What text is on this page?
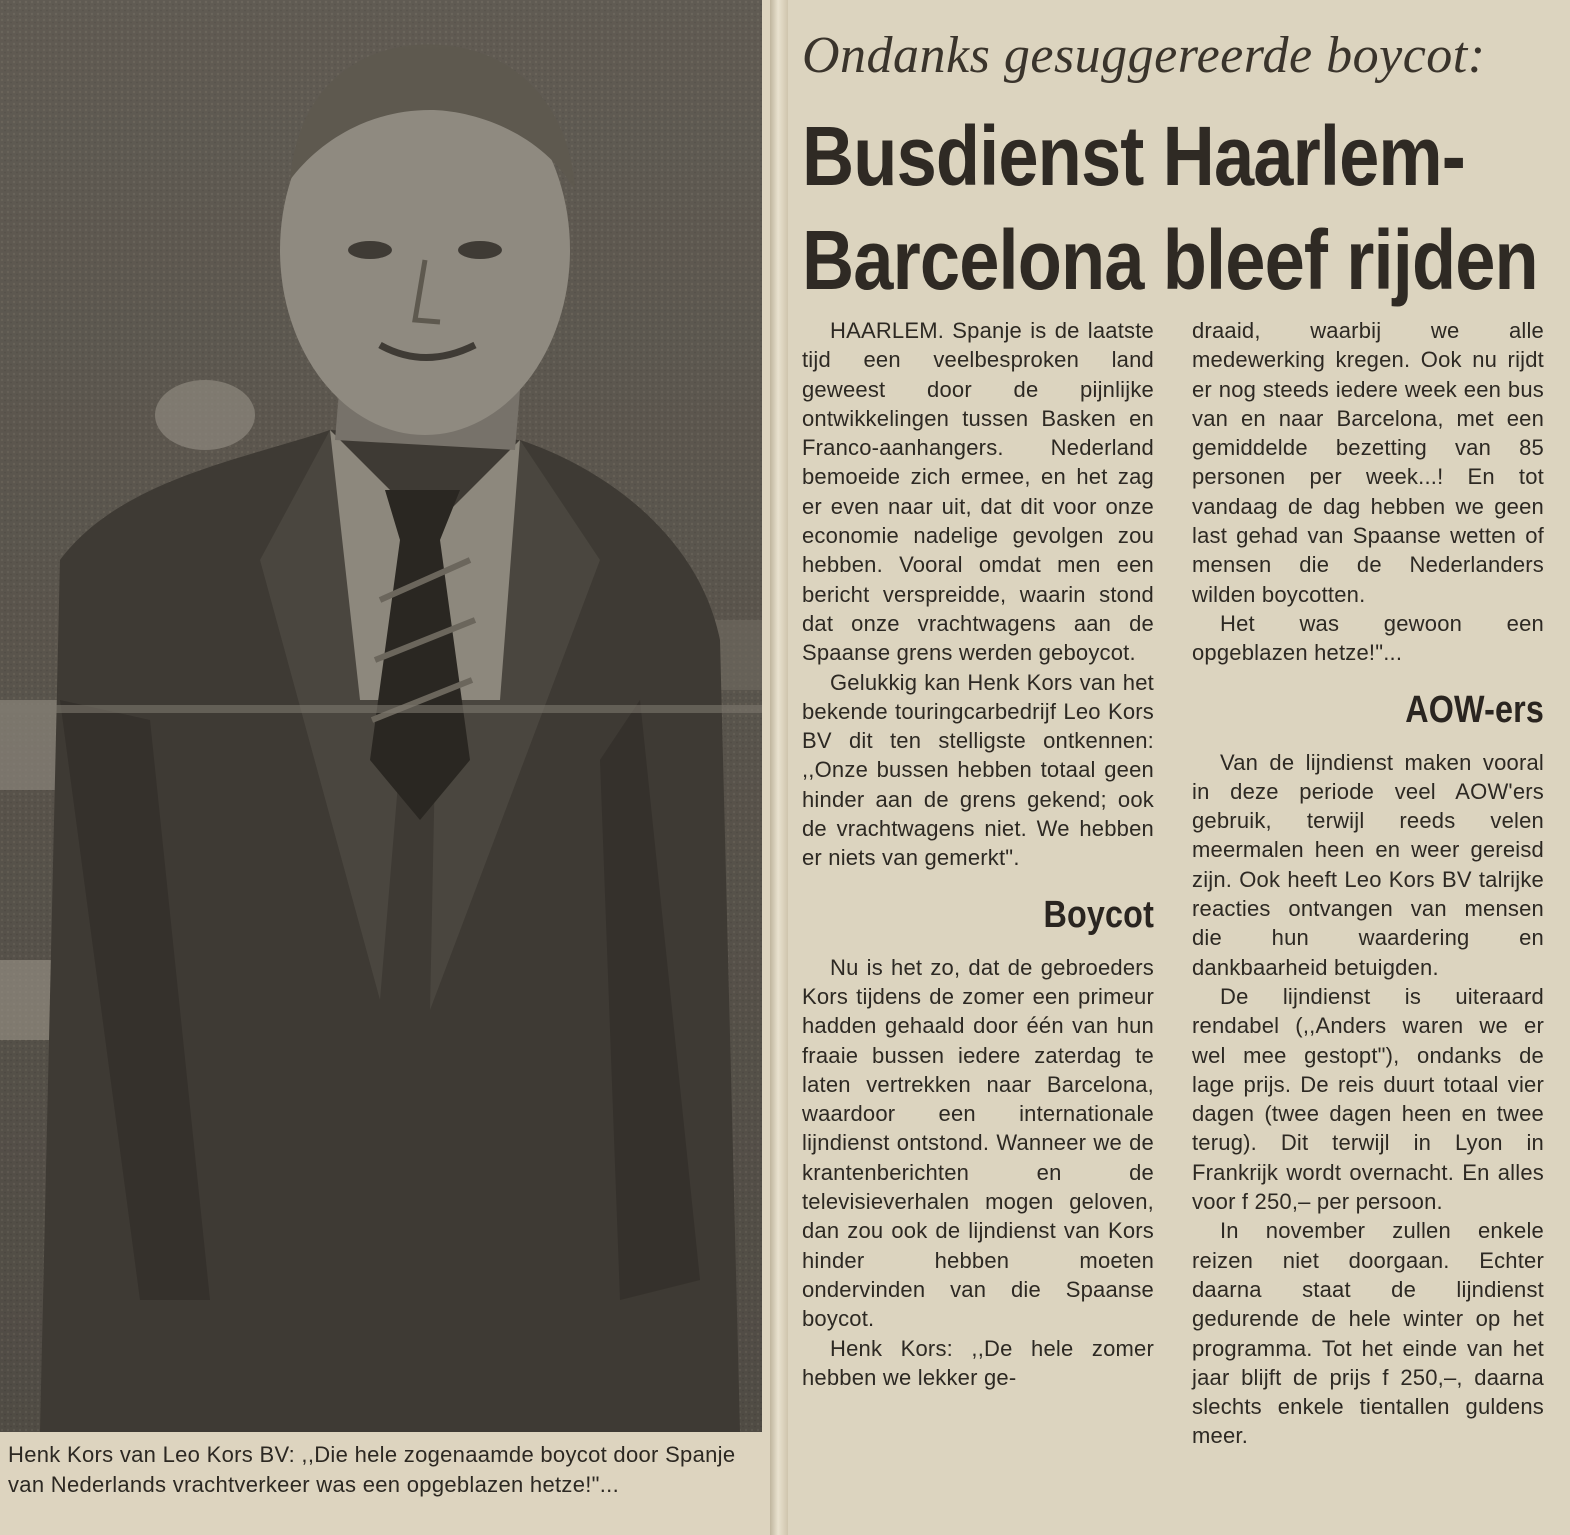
Henk Kors van Leo Kors BV: ,,Die hele zogenaamde boycot door Spanje van Nederlands vrachtverkeer was een opgeblazen hetze!"...
Ondanks gesuggereerde boycot:
Busdienst Haarlem-
Barcelona bleef rijden

HAARLEM. Spanje is de laatste tijd een veelbesproken land geweest door de pijnlijke ontwikkelingen tussen Basken en Franco-aanhangers. Nederland bemoeide zich ermee, en het zag er even naar uit, dat dit voor onze economie nadelige gevolgen zou hebben. Vooral omdat men een bericht verspreidde, waarin stond dat onze vrachtwagens aan de Spaanse grens werden geboycot.

Gelukkig kan Henk Kors van het bekende touringcarbedrijf Leo Kors BV dit ten stelligste ontkennen: ,,Onze bussen hebben totaal geen hinder aan de grens gekend; ook de vrachtwagens niet. We hebben er niets van gemerkt".

Boycot

Nu is het zo, dat de gebroeders Kors tijdens de zomer een primeur hadden gehaald door één van hun fraaie bussen iedere zaterdag te laten vertrekken naar Barcelona, waardoor een internationale lijndienst ontstond. Wanneer we de krantenberichten en de televisieverhalen mogen geloven, dan zou ook de lijndienst van Kors hinder hebben moeten ondervinden van die Spaanse boycot.

Henk Kors: ,,De hele zomer hebben we lekker ge-

draaid, waarbij we alle medewerking kregen. Ook nu rijdt er nog steeds iedere week een bus van en naar Barcelona, met een gemiddelde bezetting van 85 personen per week...! En tot vandaag de dag hebben we geen last gehad van Spaanse wetten of mensen die de Nederlanders wilden boycotten.

Het was gewoon een opgeblazen hetze!"...

AOW-ers

Van de lijndienst maken vooral in deze periode veel AOW'ers gebruik, terwijl reeds velen meermalen heen en weer gereisd zijn. Ook heeft Leo Kors BV talrijke reacties ontvangen van mensen die hun waardering en dankbaarheid betuigden.

De lijndienst is uiteraard rendabel (,,Anders waren we er wel mee gestopt"), ondanks de lage prijs. De reis duurt totaal vier dagen (twee dagen heen en twee terug). Dit terwijl in Lyon in Frankrijk wordt overnacht. En alles voor f 250,– per persoon.

In november zullen enkele reizen niet doorgaan. Echter daarna staat de lijndienst gedurende de hele winter op het programma. Tot het einde van het jaar blijft de prijs f 250,–, daarna slechts enkele tientallen guldens meer.
